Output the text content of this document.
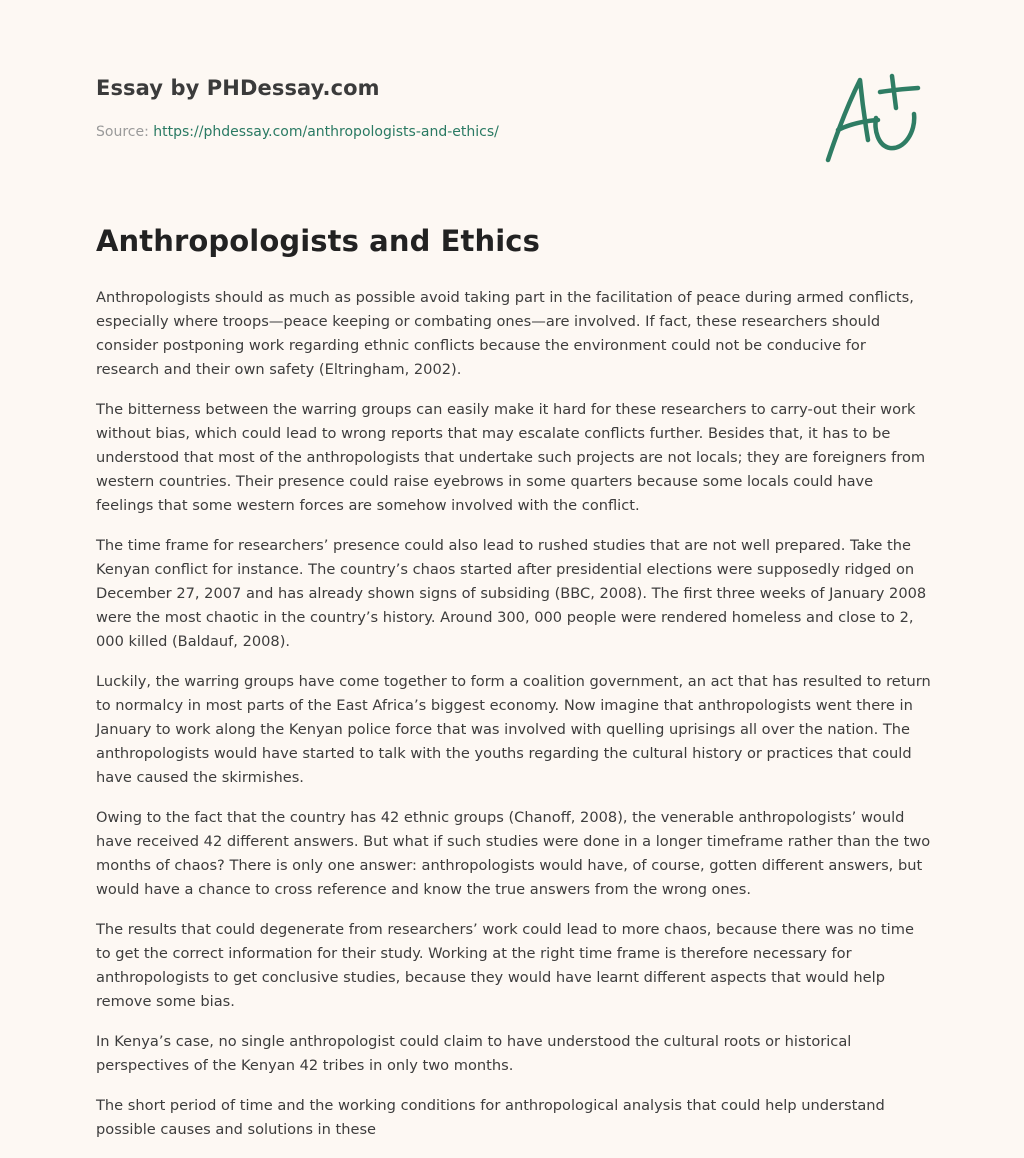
Essay by PHDessay.com
Source: https://phdessay.com/anthropologists-and-ethics/
Anthropologists and Ethics

Anthropologists should as much as possible avoid taking part in the facilitation of peace during armed conflicts, especially where troops—peace keeping or combating ones—are involved. If fact, these researchers should consider postponing work regarding ethnic conflicts because the environment could not be conducive for research and their own safety (Eltringham, 2002).

The bitterness between the warring groups can easily make it hard for these researchers to carry-out their work without bias, which could lead to wrong reports that may escalate conflicts further. Besides that, it has to be understood that most of the anthropologists that undertake such projects are not locals; they are foreigners from western countries. Their presence could raise eyebrows in some quarters because some locals could have feelings that some western forces are somehow involved with the conflict.

The time frame for researchers’ presence could also lead to rushed studies that are not well prepared. Take the Kenyan conflict for instance. The country’s chaos started after presidential elections were supposedly ridged on December 27, 2007 and has already shown signs of subsiding (BBC, 2008). The first three weeks of January 2008 were the most chaotic in the country’s history. Around 300, 000 people were rendered homeless and close to 2, 000 killed (Baldauf, 2008).

Luckily, the warring groups have come together to form a coalition government, an act that has resulted to return to normalcy in most parts of the East Africa’s biggest economy. Now imagine that anthropologists went there in January to work along the Kenyan police force that was involved with quelling uprisings all over the nation. The anthropologists would have started to talk with the youths regarding the cultural history or practices that could have caused the skirmishes.

Owing to the fact that the country has 42 ethnic groups (Chanoff, 2008), the venerable anthropologists’ would have received 42 different answers. But what if such studies were done in a longer timeframe rather than the two months of chaos? There is only one answer: anthropologists would have, of course, gotten different answers, but would have a chance to cross reference and know the true answers from the wrong ones.

The results that could degenerate from researchers’ work could lead to more chaos, because there was no time to get the correct information for their study. Working at the right time frame is therefore necessary for anthropologists to get conclusive studies, because they would have learnt different aspects that would help remove some bias.

In Kenya’s case, no single anthropologist could claim to have understood the cultural roots or historical perspectives of the Kenyan 42 tribes in only two months.

The short period of time and the working conditions for anthropological analysis that could help understand possible causes and solutions in these
